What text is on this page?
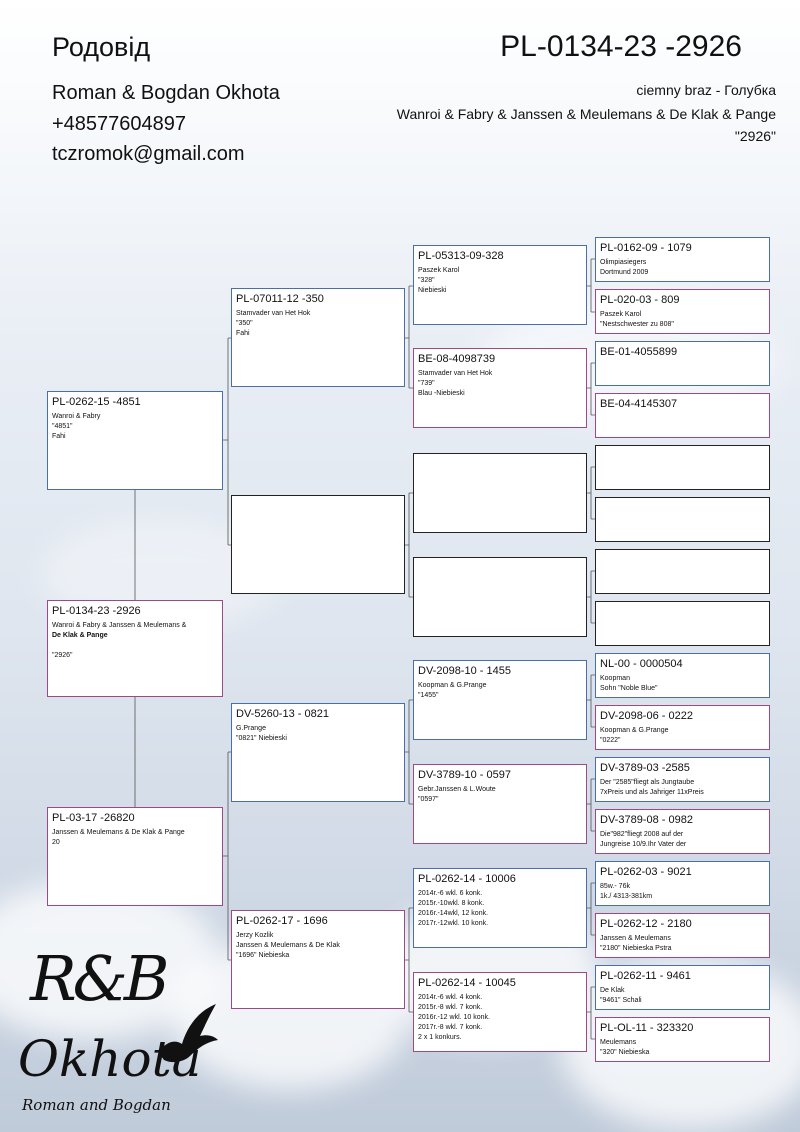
Родовід
Roman & Bogdan Okhota
+48577604897
tczromok@gmail.com
PL-0134-23 -2926
ciemny braz - Голубка
Wanroi & Fabry & Janssen & Meulemans & De Klak & Pange
"2926"
PL-0262-15 -4851
Wanroi & Fabry
"4851"
Fahi
PL-0134-23 -2926
Wanroi & Fabry & Janssen & Meulemans &
De Klak & Pange

"2926"
PL-03-17 -26820
Janssen & Meulemans & De Klak & Pange
20
PL-07011-12 -350
Stamvader van Het Hok
"350"
Fahi
DV-5260-13 - 0821
G.Prange
"0821" Niebieski
PL-0262-17 - 1696
Jerzy Kozlik
Janssen & Meulemans & De Klak
"1696" Niebieska
PL-05313-09-328
Paszek Karol
"328"
Niebieski
BE-08-4098739
Stamvader van Het Hok
"739"
Blau -Niebieski
DV-2098-10 - 1455
Koopman & G.Prange
"1455"
DV-3789-10 - 0597
Gebr.Janssen & L.Woute
"0597"
PL-0262-14 - 10006
2014r.-6 wkl. 6 konk.
2015r.-10wkl. 8 konk.
2016r.-14wkl, 12 konk.
2017r.-12wkl. 10 konk.
PL-0262-14 - 10045
2014r.-6 wkl. 4 konk.
2015r.-8 wkl. 7 konk.
2016r.-12 wkl. 10 konk.
2017r.-8 wkl. 7 konk.
2 x 1 konkurs.
PL-0162-09 - 1079
Olimpiasiegers
Dortmund 2009
PL-020-03 - 809
Paszek Karol
"Nestschwester zu 808"
BE-01-4055899
BE-04-4145307
NL-00 - 0000504
Koopman
Sohn "Noble Blue"
DV-2098-06 - 0222
Koopman & G.Prange
"0222"
DV-3789-03 -2585
Der "2585"fliegt als Jungtaube
7xPreis und als Jahriger 11xPreis
DV-3789-08 - 0982
Die"982"fliegt 2008 auf der
Jungreise 10/9.Ihr Vater der
PL-0262-03 - 9021
85w.- 76k
1k./ 4313-381km
PL-0262-12 - 2180
Janssen & Meulemans
"2180" Niebieska Pstra
PL-0262-11 - 9461
De Klak
"9461" Schali
PL-OL-11 - 323320
Meulemans
"320" Niebieska
R&B
Okhota
Roman and Bogdan
